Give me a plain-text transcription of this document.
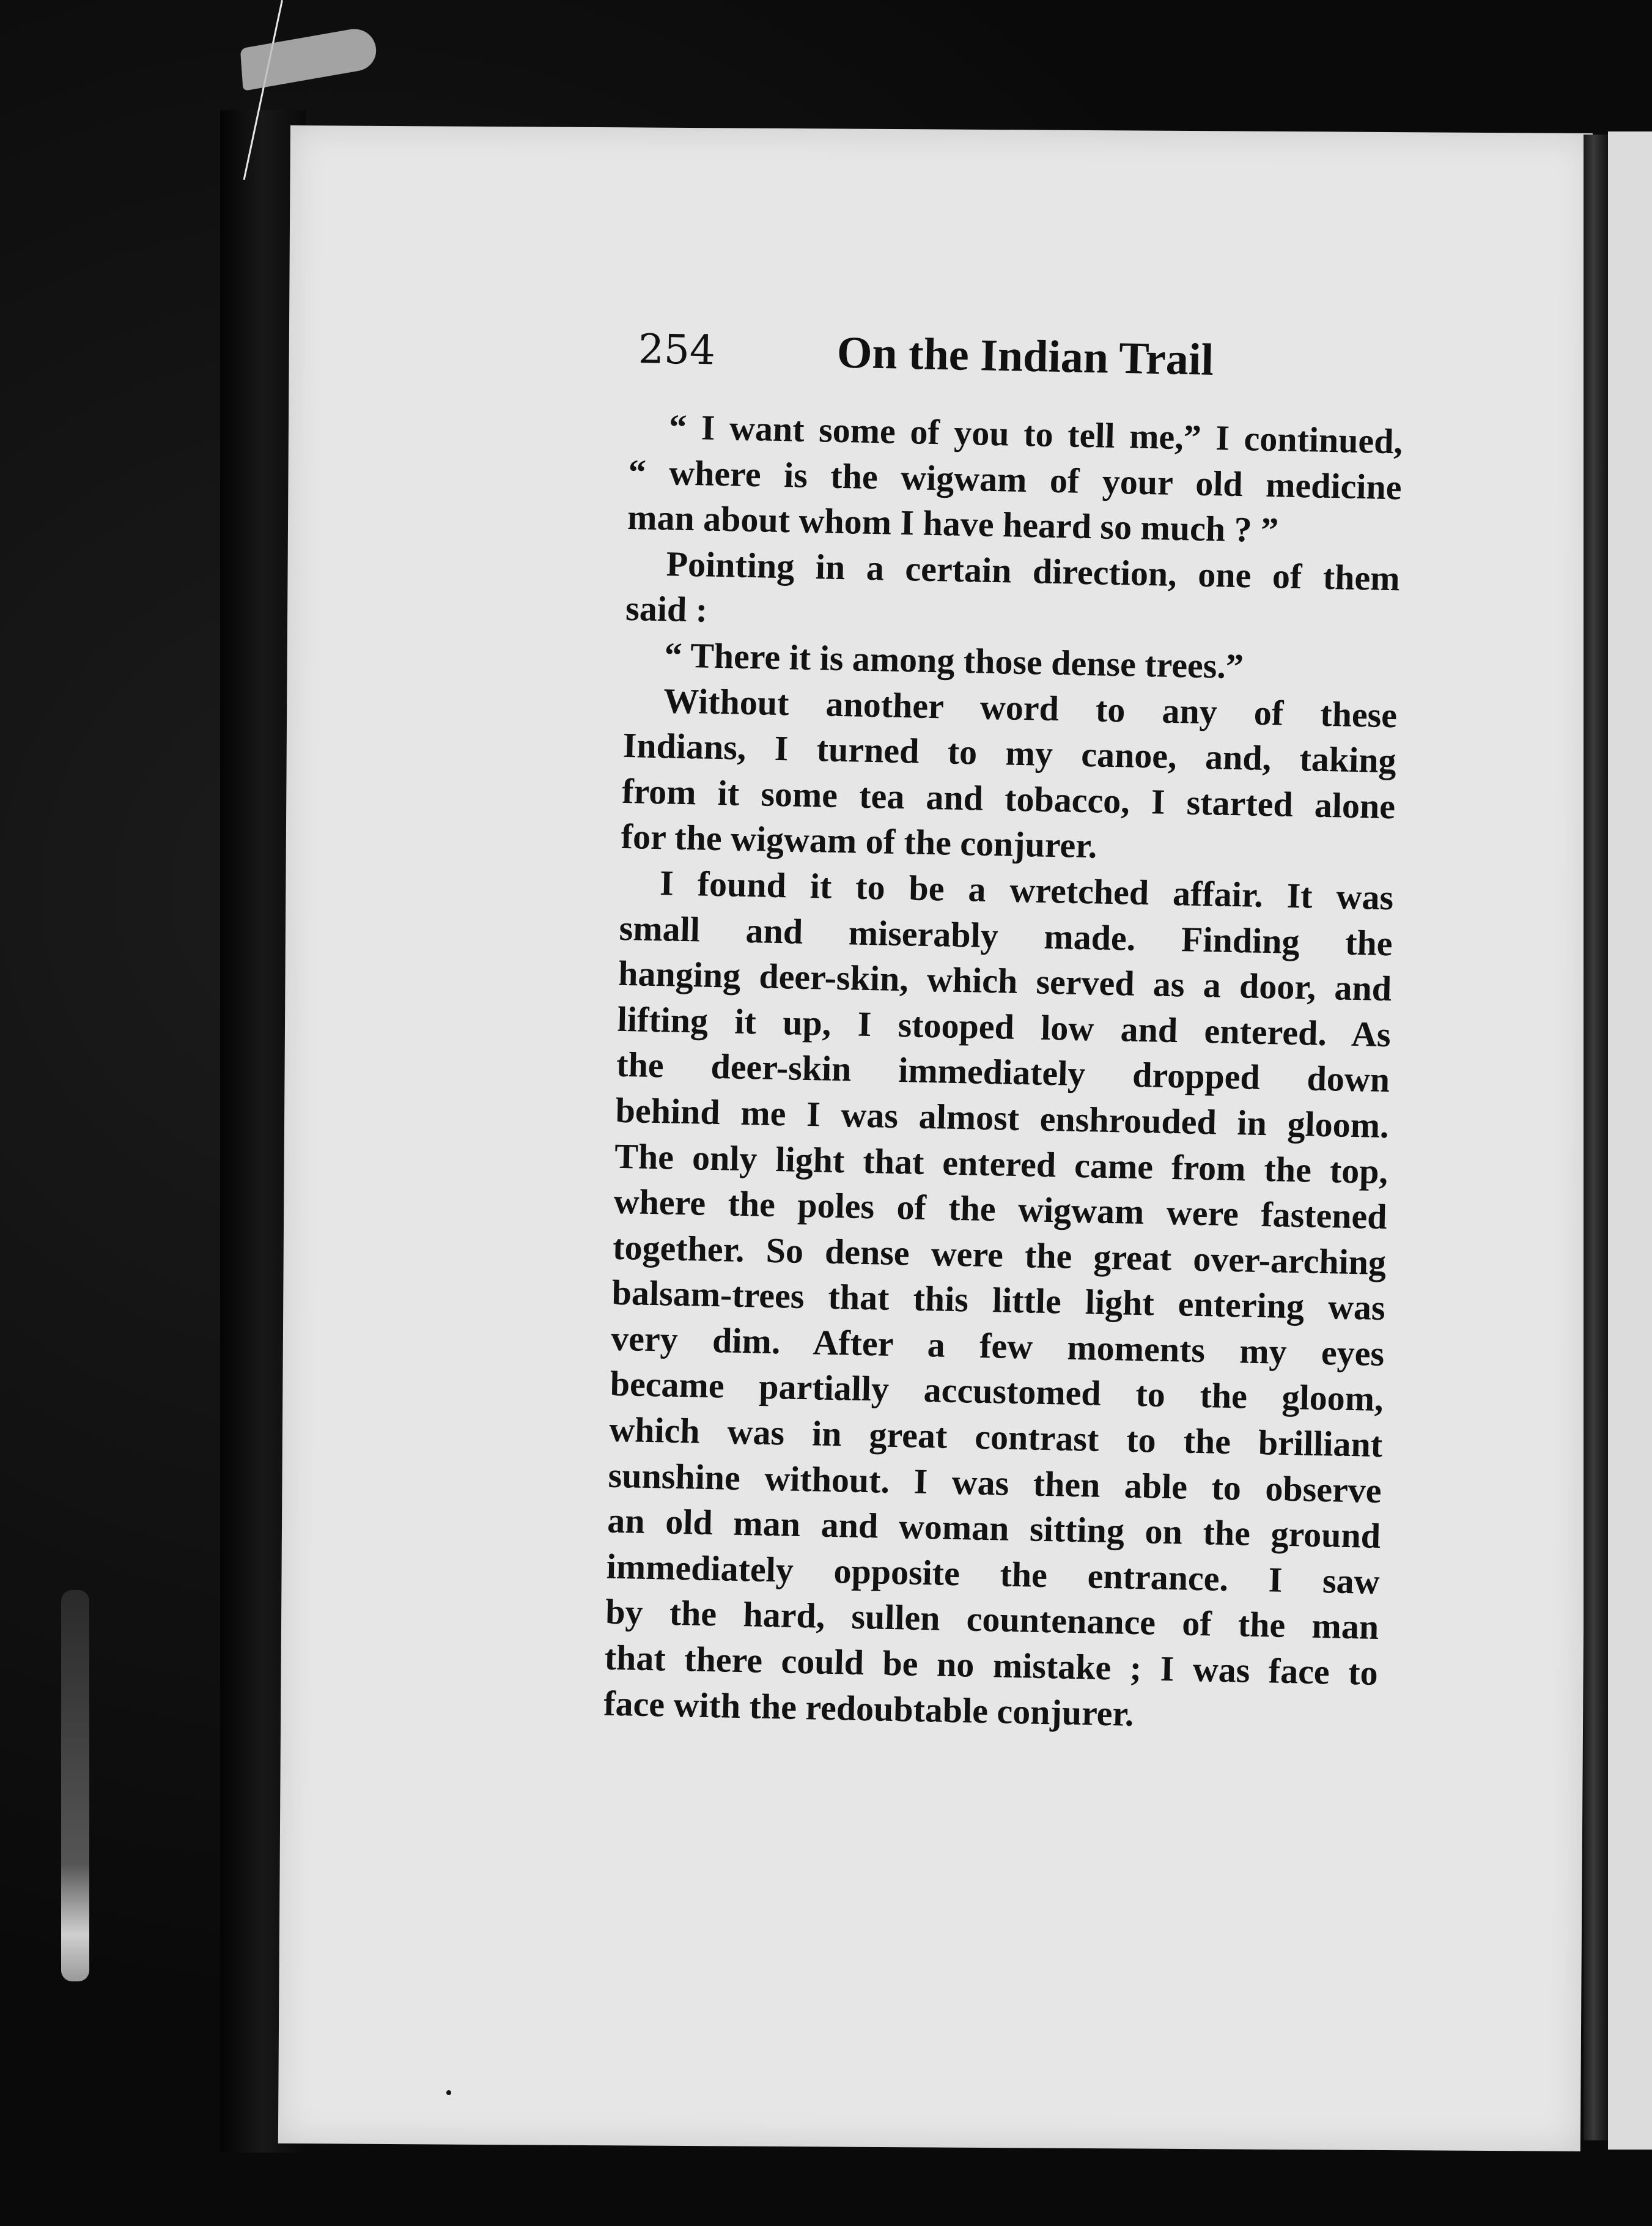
254	On the Indian Trail
“ I want some of you to tell me,” I continued,
“ where is the wigwam of your old medicine
man about whom I have heard so much ? ”
Pointing in a certain direction, one of them
said :
“ There it is among those dense trees.”
Without another word to any of these
Indians, I turned to my canoe, and, taking
from it some tea and tobacco, I started alone
for the wigwam of the conjurer.
I found it to be a wretched affair. It was
small and miserably made. Finding the
hanging deer-skin, which served as a door, and
lifting it up, I stooped low and entered. As
the deer-skin immediately dropped down
behind me I was almost enshrouded in gloom.
The only light that entered came from the top,
where the poles of the wigwam were fastened
together. So dense were the great over-arching
balsam-trees that this little light entering was
very dim. After a few moments my eyes
became partially accustomed to the gloom,
which was in great contrast to the brilliant
sunshine without. I was then able to observe
an old man and woman sitting on the ground
immediately opposite the entrance. I saw
by the hard, sullen countenance of the man
that there could be no mistake ; I was face to
face with the redoubtable conjurer.
